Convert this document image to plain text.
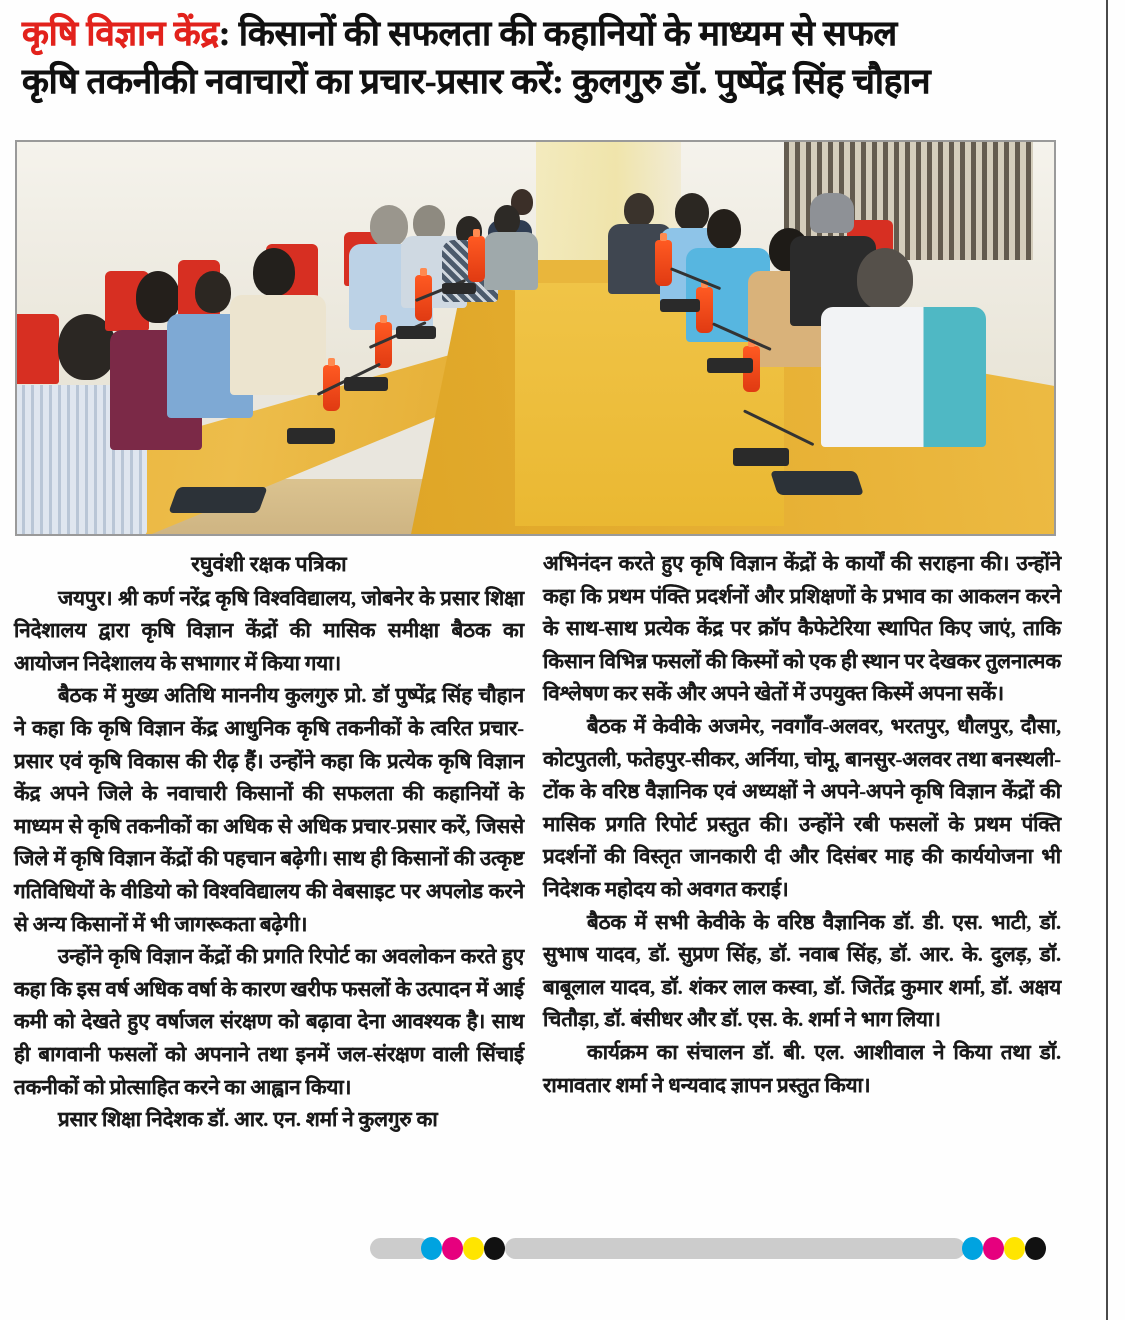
कृषि विज्ञान केंद्र: किसानों की सफलता की कहानियों के माध्यम से सफल
कृषि तकनीकी नवाचारों का प्रचार-प्रसार करें: कुलगुरु डॉ. पुष्पेंद्र सिंह चौहान
रघुवंशी रक्षक पत्रिका

जयपुर। श्री कर्ण नरेंद्र कृषि विश्वविद्यालय, जोबनेर के प्रसार शिक्षा निदेशालय द्वारा कृषि विज्ञान केंद्रों की मासिक समीक्षा बैठक का आयोजन निदेशालय के सभागार में किया गया।

बैठक में मुख्य अतिथि माननीय कुलगुरु प्रो. डॉ पुष्पेंद्र सिंह चौहान ने कहा कि कृषि विज्ञान केंद्र आधुनिक कृषि तकनीकों के त्वरित प्रचार-प्रसार एवं कृषि विकास की रीढ़ हैं। उन्होंने कहा कि प्रत्येक कृषि विज्ञान केंद्र अपने जिले के नवाचारी किसानों की सफलता की कहानियों के माध्यम से कृषि तकनीकों का अधिक से अधिक प्रचार-प्रसार करें, जिससे जिले में कृषि विज्ञान केंद्रों की पहचान बढ़ेगी। साथ ही किसानों की उत्कृष्ट गतिविधियों के वीडियो को विश्वविद्यालय की वेबसाइट पर अपलोड करने से अन्य किसानों में भी जागरूकता बढ़ेगी।

उन्होंने कृषि विज्ञान केंद्रों की प्रगति रिपोर्ट का अवलोकन करते हुए कहा कि इस वर्ष अधिक वर्षा के कारण खरीफ फसलों के उत्पादन में आई कमी को देखते हुए वर्षाजल संरक्षण को बढ़ावा देना आवश्यक है। साथ ही बागवानी फसलों को अपनाने तथा इनमें जल-संरक्षण वाली सिंचाई तकनीकों को प्रोत्साहित करने का आह्वान किया।

प्रसार शिक्षा निदेशक डॉ. आर. एन. शर्मा ने कुलगुरु का

अभिनंदन करते हुए कृषि विज्ञान केंद्रों के कार्यों की सराहना की। उन्होंने कहा कि प्रथम पंक्ति प्रदर्शनों और प्रशिक्षणों के प्रभाव का आकलन करने के साथ-साथ प्रत्येक केंद्र पर क्रॉप कैफेटेरिया स्थापित किए जाएं, ताकि किसान विभिन्न फसलों की किस्मों को एक ही स्थान पर देखकर तुलनात्मक विश्लेषण कर सकें और अपने खेतों में उपयुक्त किस्में अपना सकें।

बैठक में केवीके अजमेर, नवगाँव-अलवर, भरतपुर, धौलपुर, दौसा, कोटपुतली, फतेहपुर-सीकर, अर्निया, चोमू, बानसुर-अलवर तथा बनस्थली-टोंक के वरिष्ठ वैज्ञानिक एवं अध्यक्षों ने अपने-अपने कृषि विज्ञान केंद्रों की मासिक प्रगति रिपोर्ट प्रस्तुत की। उन्होंने रबी फसलों के प्रथम पंक्ति प्रदर्शनों की विस्तृत जानकारी दी और दिसंबर माह की कार्ययोजना भी निदेशक महोदय को अवगत कराई।

बैठक में सभी केवीके के वरिष्ठ वैज्ञानिक डॉ. डी. एस. भाटी, डॉ. सुभाष यादव, डॉ. सुप्रण सिंह, डॉ. नवाब सिंह, डॉ. आर. के. दुलड़, डॉ. बाबूलाल यादव, डॉ. शंकर लाल कस्वा, डॉ. जितेंद्र कुमार शर्मा, डॉ. अक्षय चितौड़ा, डॉ. बंसीधर और डॉ. एस. के. शर्मा ने भाग लिया।

कार्यक्रम का संचालन डॉ. बी. एल. आशीवाल ने किया तथा डॉ. रामावतार शर्मा ने धन्यवाद ज्ञापन प्रस्तुत किया।
